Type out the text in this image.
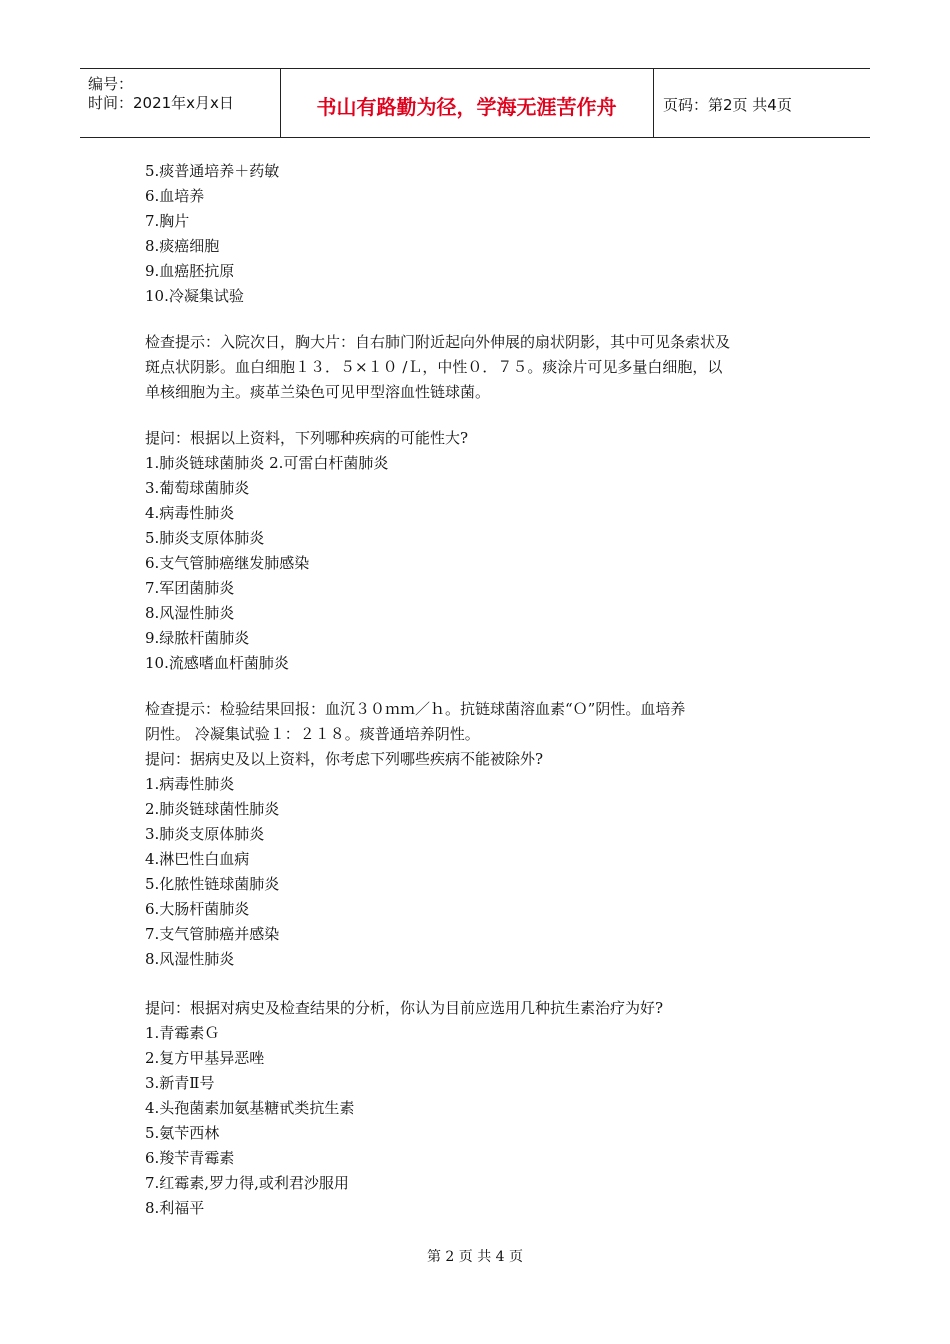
编号：
时间：2021年x月x日	书山有路勤为径，学海无涯苦作舟	页码：第2页 共4页
5.痰普通培养＋药敏
6.血培养
7.胸片
8.痰癌细胞
9.血癌胚抗原
10.冷凝集试验
检查提示：入院次日，胸大片：自右肺门附近起向外伸展的扇状阴影，其中可见条索状及
斑点状阴影。血白细胞１３．５×１０ /Ｌ，中性０．７５。痰涂片可见多量白细胞，以
单核细胞为主。痰革兰染色可见甲型溶血性链球菌。
提问：根据以上资料，下列哪种疾病的可能性大?
1.肺炎链球菌肺炎 2.可雷白杆菌肺炎
3.葡萄球菌肺炎
4.病毒性肺炎
5.肺炎支原体肺炎
6.支气管肺癌继发肺感染
7.军团菌肺炎
8.风湿性肺炎
9.绿脓杆菌肺炎
10.流感嗜血杆菌肺炎
检查提示：检验结果回报：血沉３０ｍｍ／ｈ。抗链球菌溶血素“Ｏ”阴性。血培养
阴性。 冷凝集试验１：２１８。痰普通培养阴性。
提问：据病史及以上资料，你考虑下列哪些疾病不能被除外?
1.病毒性肺炎
2.肺炎链球菌性肺炎
3.肺炎支原体肺炎
4.淋巴性白血病
5.化脓性链球菌肺炎
6.大肠杆菌肺炎
7.支气管肺癌并感染
8.风湿性肺炎
提问：根据对病史及检查结果的分析，你认为目前应选用几种抗生素治疗为好?
1.青霉素Ｇ
2.复方甲基异恶唑
3.新青Ⅱ号
4.头孢菌素加氨基糖甙类抗生素
5.氨苄西林
6.羧苄青霉素
7.红霉素,罗力得,或利君沙服用
8.利福平
第 2 页 共 4 页
